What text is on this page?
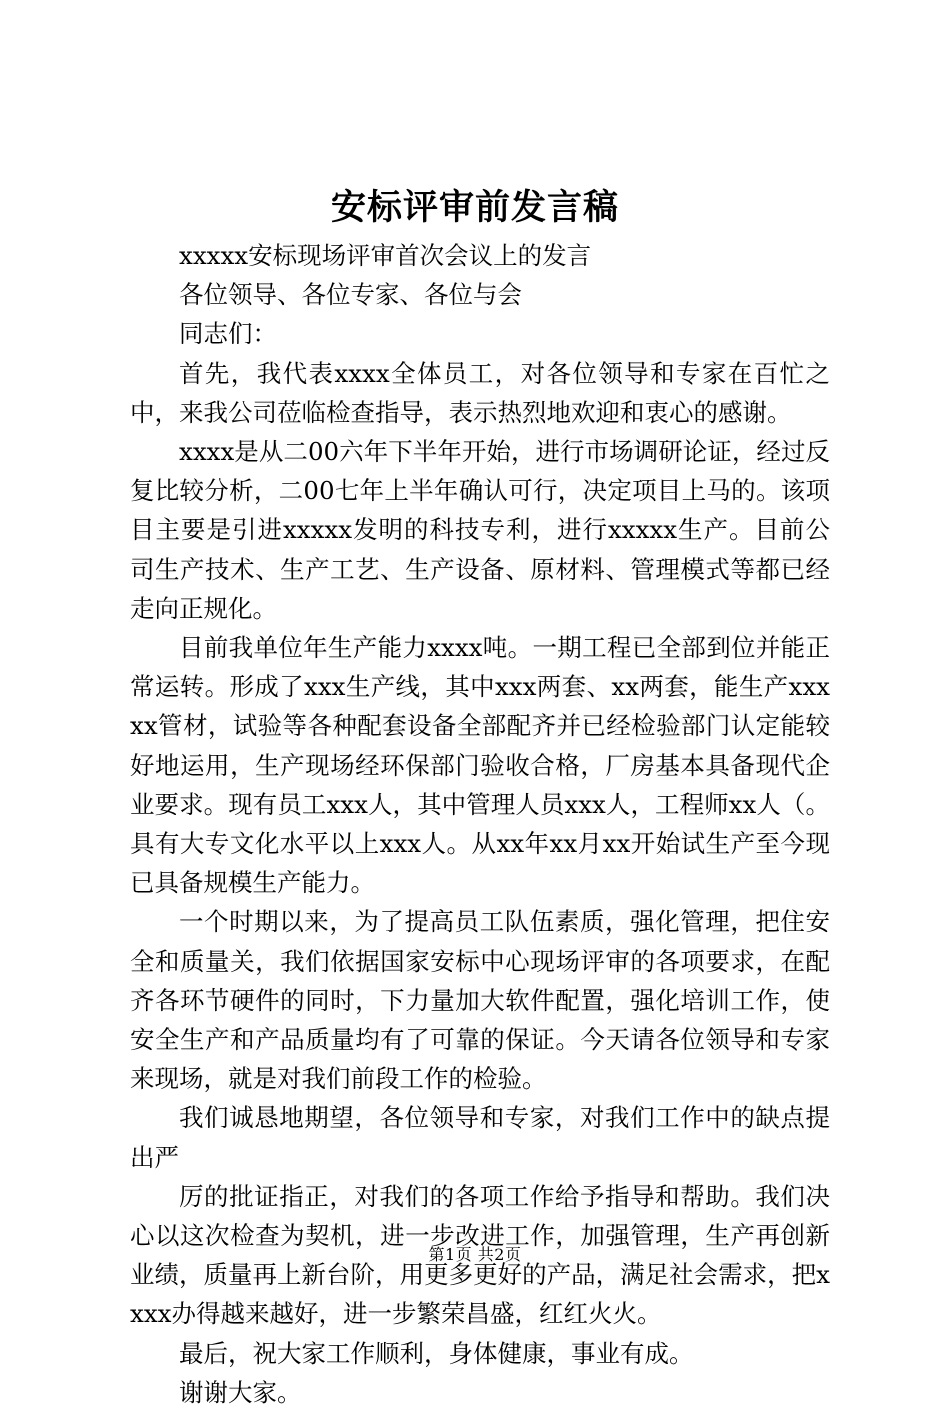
安标评审前发言稿

xxxxx安标现场评审首次会议上的发言

各位领导、各位专家、各位与会

同志们：

首先，我代表xxxx全体员工，对各位领导和专家在百忙之中，来我公司莅临检查指导，表示热烈地欢迎和衷心的感谢。

xxxx是从二00六年下半年开始，进行市场调研论证，经过反复比较分析，二00七年上半年确认可行，决定项目上马的。该项目主要是引进xxxxx发明的科技专利，进行xxxxx生产。目前公司生产技术、生产工艺、生产设备、原材料、管理模式等都已经走向正规化。

目前我单位年生产能力xxxx吨。一期工程已全部到位并能正常运转。形成了xxx生产线，其中xxx两套、xx两套，能生产xxxxx管材，试验等各种配套设备全部配齐并已经检验部门认定能较好地运用，生产现场经环保部门验收合格，厂房基本具备现代企业要求。现有员工xxx人，其中管理人员xxx人，工程师xx人（。具有大专文化水平以上xxx人。从xx年xx月xx开始试生产至今现已具备规模生产能力。

一个时期以来，为了提高员工队伍素质，强化管理，把住安全和质量关，我们依据国家安标中心现场评审的各项要求，在配齐各环节硬件的同时，下力量加大软件配置，强化培训工作，使安全生产和产品质量均有了可靠的保证。今天请各位领导和专家来现场，就是对我们前段工作的检验。

我们诚恳地期望，各位领导和专家，对我们工作中的缺点提出严

厉的批证指正，对我们的各项工作给予指导和帮助。我们决心以这次检查为契机，进一步改进工作，加强管理，生产再创新业绩，质量再上新台阶，用更多更好的产品，满足社会需求，把xxxx办得越来越好，进一步繁荣昌盛，红红火火。

最后，祝大家工作顺利，身体健康，事业有成。

谢谢大家。

第1页 共2页
